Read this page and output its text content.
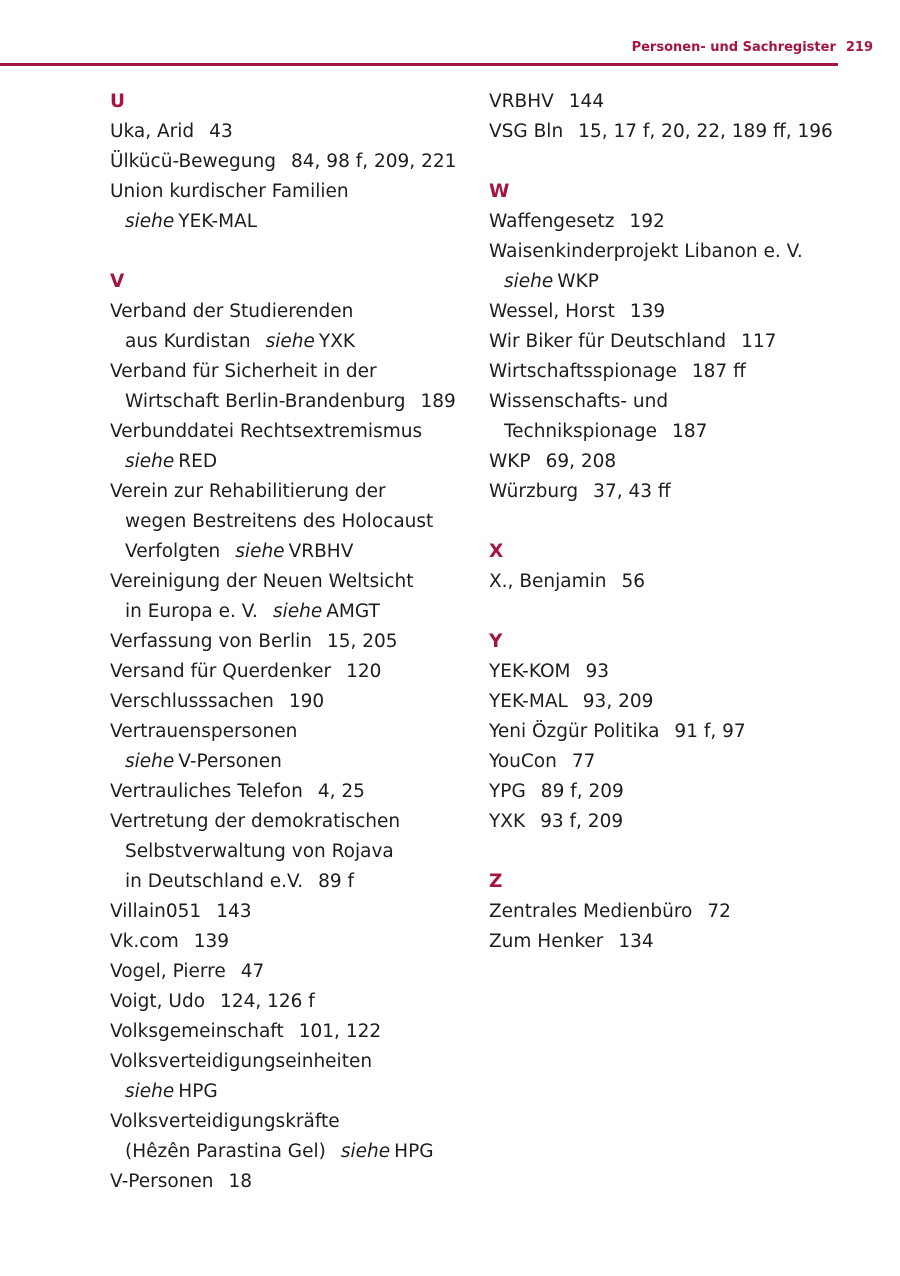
Personen- und Sachregister 219
U
Uka, Arid 43
Ülkücü-Bewegung 84, 98 f, 209, 221
Union kurdischer Familien
siehe YEK-MAL
V
Verband der Studierenden
aus Kurdistan siehe YXK
Verband für Sicherheit in der
Wirtschaft Berlin-Brandenburg 189
Verbunddatei Rechtsextremismus
siehe RED
Verein zur Rehabilitierung der
wegen Bestreitens des Holocaust
Verfolgten siehe VRBHV
Vereinigung der Neuen Weltsicht
in Europa e. V. siehe AMGT
Verfassung von Berlin 15, 205
Versand für Querdenker 120
Verschlusssachen 190
Vertrauenspersonen
siehe V-Personen
Vertrauliches Telefon 4, 25
Vertretung der demokratischen
Selbstverwaltung von Rojava
in Deutschland e.V. 89 f
Villain051 143
Vk.com 139
Vogel, Pierre 47
Voigt, Udo 124, 126 f
Volksgemeinschaft 101, 122
Volksverteidigungseinheiten
siehe HPG
Volksverteidigungskräfte
(Hêzên Parastina Gel) siehe HPG
V-Personen 18
VRBHV 144
VSG Bln 15, 17 f, 20, 22, 189 ff, 196
W
Waffengesetz 192
Waisenkinderprojekt Libanon e. V.
siehe WKP
Wessel, Horst 139
Wir Biker für Deutschland 117
Wirtschaftsspionage 187 ff
Wissenschafts- und
Technikspionage 187
WKP 69, 208
Würzburg 37, 43 ff
X
X., Benjamin 56
Y
YEK-KOM 93
YEK-MAL 93, 209
Yeni Özgür Politika 91 f, 97
YouCon 77
YPG 89 f, 209
YXK 93 f, 209
Z
Zentrales Medienbüro 72
Zum Henker 134
